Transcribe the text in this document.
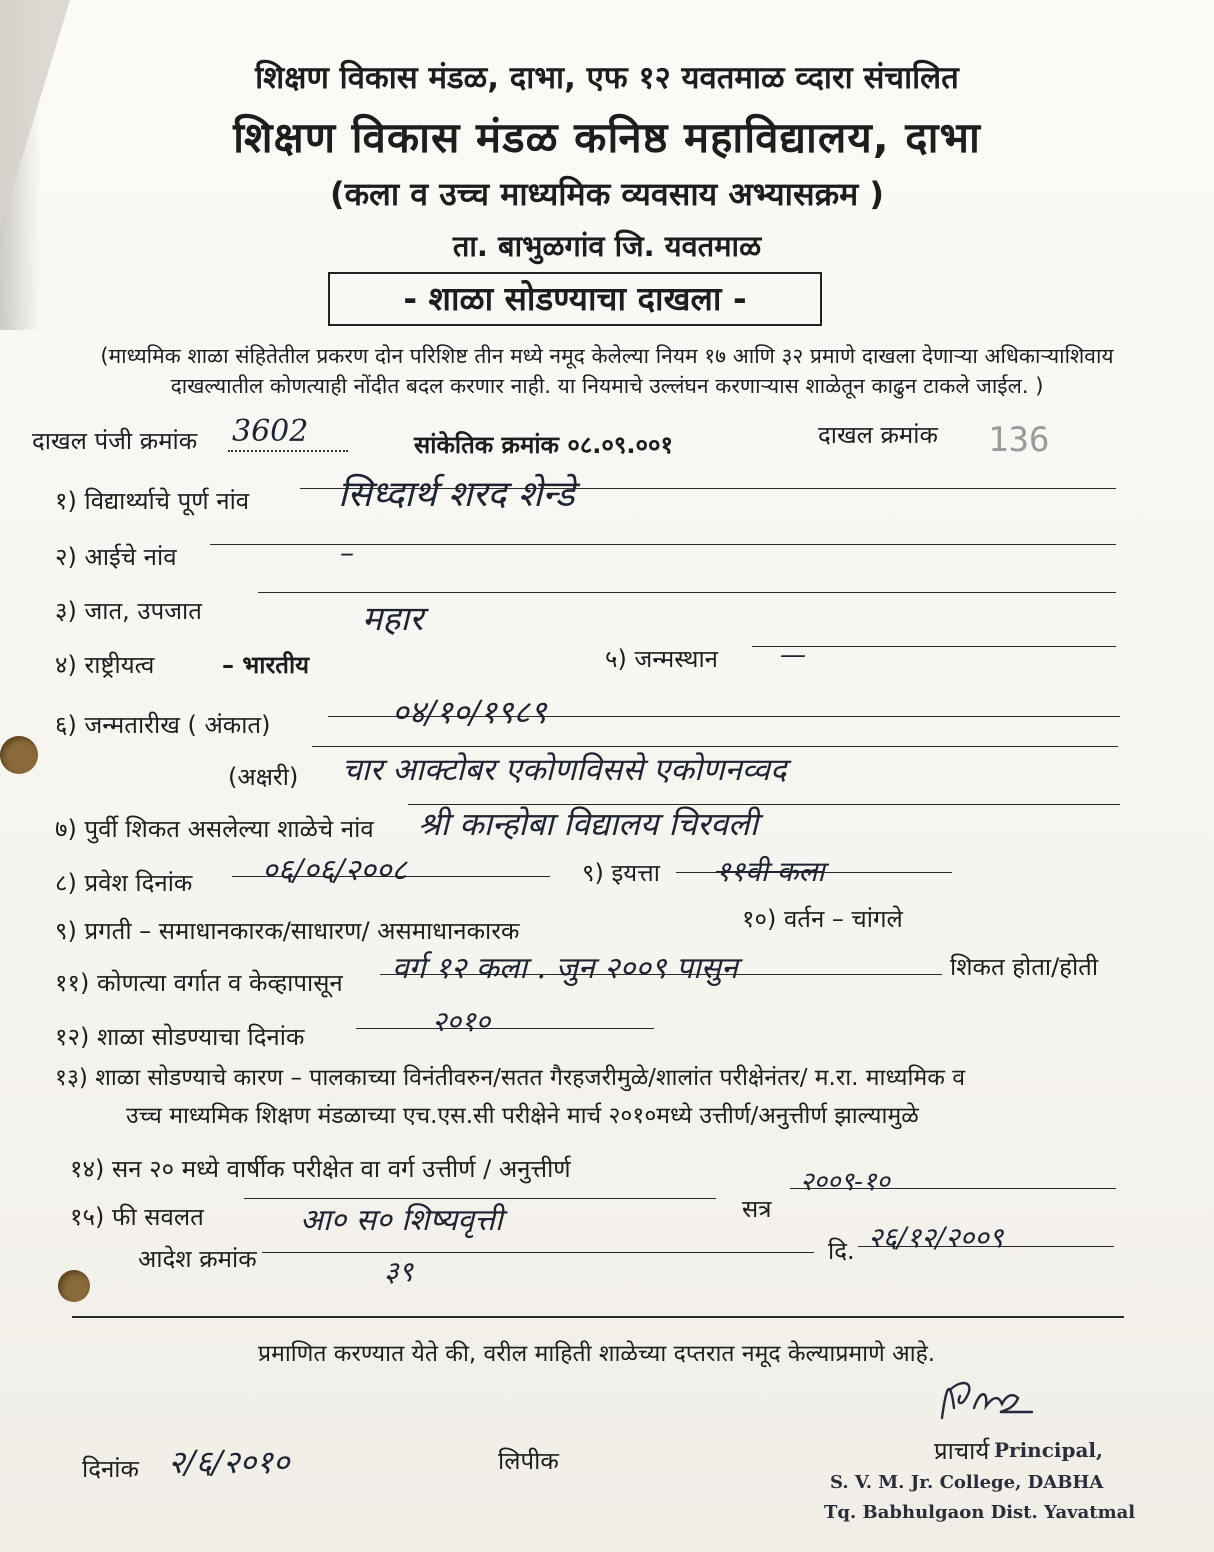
शिक्षण विकास मंडळ, दाभा, एफ १२ यवतमाळ व्दारा संचालित
शिक्षण विकास मंडळ कनिष्ठ महाविद्यालय, दाभा
(कला व उच्च माध्यमिक व्यवसाय अभ्यासक्रम )
ता. बाभुळगांव जि. यवतमाळ
- शाळा सोडण्याचा दाखला -
(माध्यमिक शाळा संहितेतील प्रकरण दोन परिशिष्ट तीन मध्ये नमूद केलेल्या नियम १७ आणि ३२ प्रमाणे दाखला देणाऱ्या अधिकाऱ्याशिवाय
दाखल्यातील कोणत्याही नोंदीत बदल करणार नाही. या नियमाचे उल्लंघन करणाऱ्यास शाळेतून काढुन टाकले जाईल. )
दाखल पंजी क्रमांक 3602	सांकेतिक क्रमांक ०८.०९.००१	दाखल क्रमांक 136
१) विद्यार्थ्याचे पूर्ण नांव सिध्दार्थ शरद शेन्डे
२) आईचे नांव	–
३) जात, उपजात	महार
४) राष्ट्रीयत्व	– भारतीय	५) जन्मस्थान —
६) जन्मतारीख ( अंकात)	०४/१०/१९८९
(अक्षरी) चार आक्टोबर एकोणविससे एकोणनव्वद
७) पुर्वी शिकत असलेल्या शाळेचे नांव श्री कान्होबा विद्यालय चिरवली
८) प्रवेश दिनांक ०६/०६/२००८	९) इयत्ता ११वी कला
९) प्रगती – समाधानकारक/साधारण/ असमाधानकारक	१०) वर्तन – चांगले
११) कोणत्या वर्गात व केव्हापासून वर्ग १२ कला . जुन २००९ पासुन	शिकत होता/होती
१२) शाळा सोडण्याचा दिनांक	२०१०
१३) शाळा सोडण्याचे कारण – पालकाच्या विनंतीवरुन/सतत गैरहजरीमुळे/शालांत परीक्षेनंतर/ म.रा. माध्यमिक व
उच्च माध्यमिक शिक्षण मंडळाच्या एच.एस.सी परीक्षेने मार्च २०१०मध्ये उत्तीर्ण/अनुत्तीर्ण झाल्यामुळे
१४) सन २० मध्ये वार्षीक परीक्षेत वा वर्ग उत्तीर्ण / अनुत्तीर्ण	२००९-१०
१५) फी सवलत	आ० स० शिष्यवृत्ती	सत्र
आदेश क्रमांक	३९
दि. २६/१२/२००९
प्रमाणित करण्यात येते की, वरील माहिती शाळेच्या दप्तरात नमूद केल्याप्रमाणे आहे.
दिनांक २/६/२०१०	लिपीक	प्राचार्य Principal,
S. V. M. Jr. College, DABHA
Tq. Babhulgaon Dist. Yavatmal
